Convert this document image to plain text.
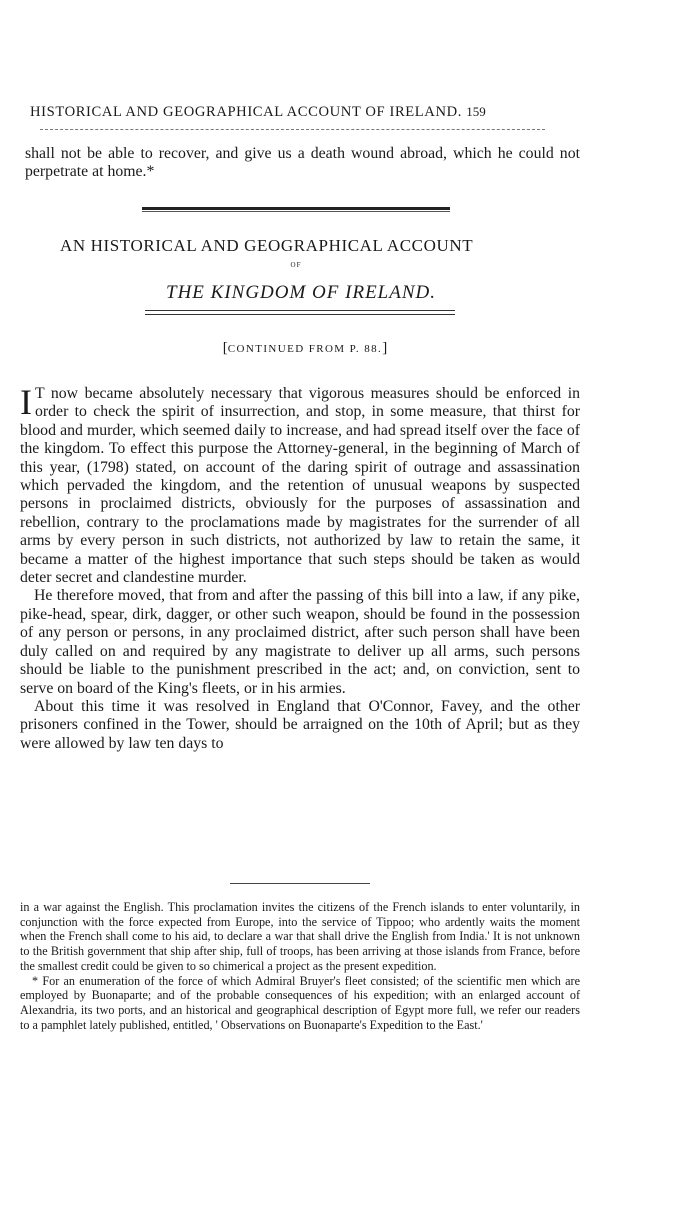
HISTORICAL AND GEOGRAPHICAL ACCOUNT OF IRELAND. 159

shall not be able to recover, and give us a death wound abroad, which he could not perpetrate at home.*

AN HISTORICAL AND GEOGRAPHICAL ACCOUNT
OF
THE KINGDOM OF IRELAND.
[CONTINUED FROM P. 88.]

I T now became absolutely necessary that vigorous measures should be enforced in order to check the spirit of insurrection, and stop, in some measure, that thirst for blood and murder, which seemed daily to increase, and had spread itself over the face of the kingdom. To effect this purpose the Attorney-general, in the beginning of March of this year, (1798) stated, on account of the daring spirit of outrage and assassination which pervaded the kingdom, and the retention of unusual weapons by suspected persons in proclaimed districts, obviously for the purposes of assassination and rebellion, contrary to the proclamations made by magistrates for the surrender of all arms by every person in such districts, not authorized by law to retain the same, it became a matter of the highest importance that such steps should be taken as would deter secret and clandestine murder.

He therefore moved, that from and after the passing of this bill into a law, if any pike, pike-head, spear, dirk, dagger, or other such weapon, should be found in the possession of any person or persons, in any proclaimed district, after such person shall have been duly called on and required by any magistrate to deliver up all arms, such persons should be liable to the punishment prescribed in the act; and, on conviction, sent to serve on board of the King's fleets, or in his armies.

About this time it was resolved in England that O'Connor, Favey, and the other prisoners confined in the Tower, should be arraigned on the 10th of April; but as they were allowed by law ten days to

in a war against the English. This proclamation invites the citizens of the French islands to enter voluntarily, in conjunction with the force expected from Europe, into the service of Tippoo; who ardently waits the moment when the French shall come to his aid, to declare a war that shall drive the English from India.' It is not unknown to the British government that ship after ship, full of troops, has been arriving at those islands from France, before the smallest credit could be given to so chimerical a project as the present expedition.

* For an enumeration of the force of which Admiral Bruyer's fleet consisted; of the scientific men which are employed by Buonaparte; and of the probable consequences of his expedition; with an enlarged account of Alexandria, its two ports, and an historical and geographical description of Egypt more full, we refer our readers to a pamphlet lately published, entitled, ' Observations on Buonaparte's Expedition to the East.'
